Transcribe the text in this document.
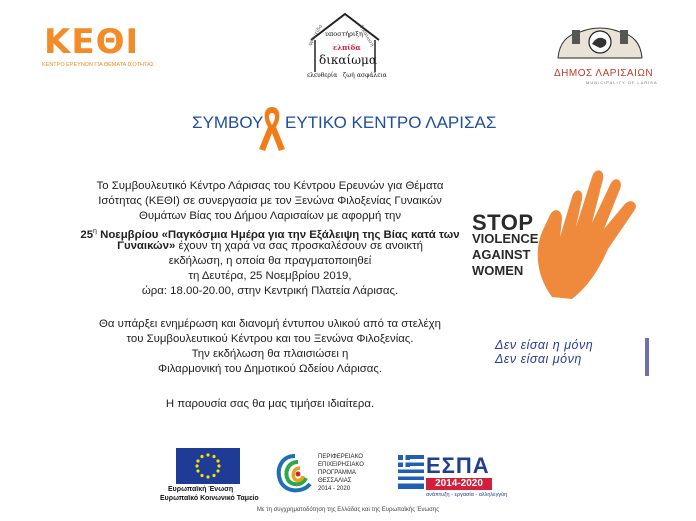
ΚΕΘΙ
ΚΕΝΤΡΟ ΕΡΕΥΝΩΝ ΓΙΑ ΘΕΜΑΤΑ ΙΣΟΤΗΤΑΣ
υποστήριξη
φροντίδα	δικαίωση
ελπίδα
δικαίωμα
ελευθερία ζωή ασφάλεια	ΔΗΜΟΣ ΛΑΡΙΣΑΙΩΝ
MUNICIPALITY OF LARISA
ΣΥΜΒΟΥ ΕΥΤΙΚΟ ΚΕΝΤΡΟ ΛΑΡΙΣΑΣ
Το Συμβουλευτικό Κέντρο Λάρισας του Κέντρου Ερευνών για Θέματα
Ισότητας (ΚΕΘΙ) σε συνεργασία με τον Ξενώνα Φιλοξενίας Γυναικών
Θυμάτων Βίας του Δήμου Λαρισαίων με αφορμή την
$25^\eta$ Νοεμβρίου «Παγκόσμια Ημέρα για την Εξάλειψη της Βίας κατά των
Γυναικών» έχουν τη χαρά να σας προσκαλέσουν σε ανοικτή
εκδήλωση, η οποία θα πραγματοποιηθεί
τη Δευτέρα, 25 Νοεμβρίου 2019,
ώρα: 18.00-20.00, στην Κεντρική Πλατεία Λάρισας.
Θα υπάρξει ενημέρωση και διανομή έντυπου υλικού από τα στελέχη
του Συμβουλευτικού Κέντρου και του Ξενώνα Φιλοξενίας.
Την εκδήλωση θα πλαισιώσει η
Φιλαρμονική του Δημοτικού Ωδείου Λάρισας.
Η παρουσία σας θα μας τιμήσει ιδιαίτερα.
STOP
VIOLENCE
AGAINST
WOMEN
Δεν είσαι η μόνη
Δεν είσαι μόνη
Ευρωπαϊκή Ένωση
Ευρωπαϊκό Κοινωνικό Ταμείο
ΠΕΡΙΦΕΡΕΙΑΚΟ
ΕΠΙΧΕΙΡΗΣΙΑΚΟ
ΠΡΟΓΡΑΜΜΑ
ΘΕΣΣΑΛΙΑΣ
2014 - 2020
ΕΣΠΑ
2014-2020
ανάπτυξη - εργασία - αλληλεγγύη
Με τη συγχρηματοδότηση της Ελλάδας και της Ευρωπαϊκής Ένωσης
